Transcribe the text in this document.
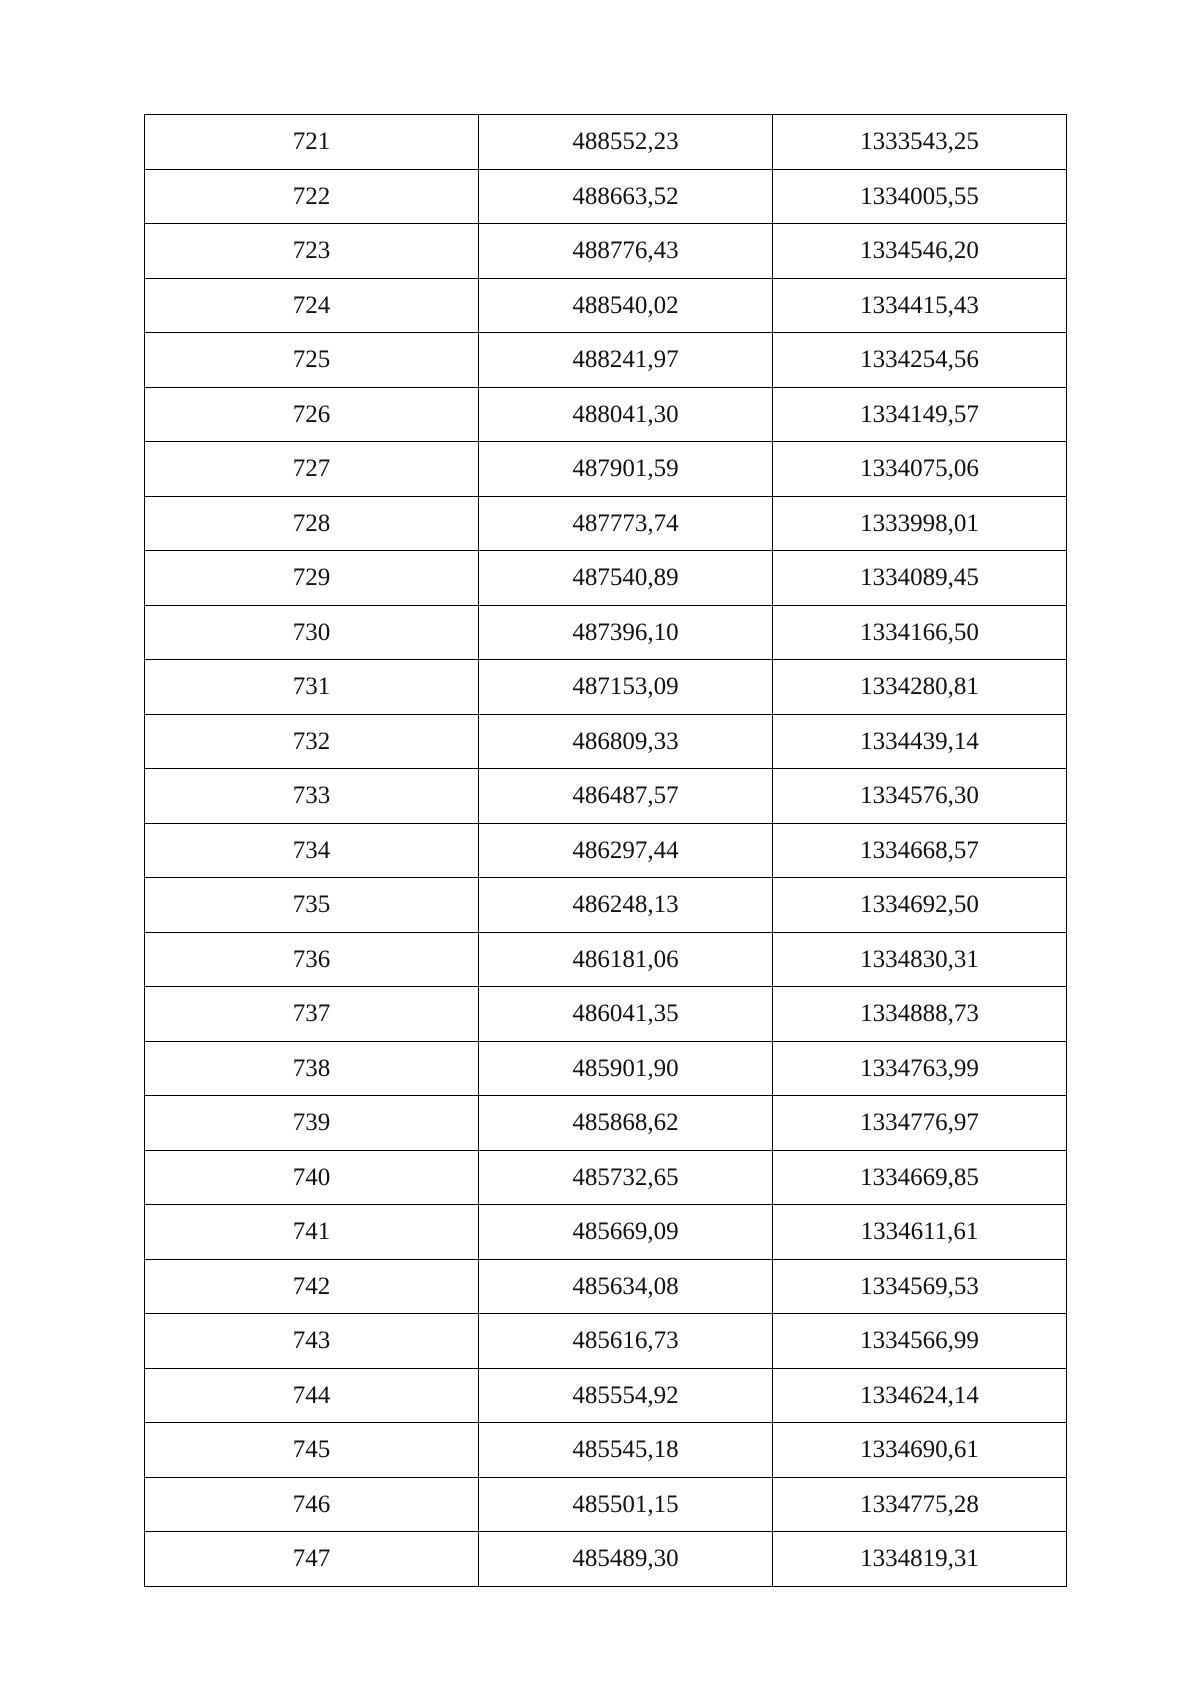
721	488552,23	1333543,25
722	488663,52	1334005,55
723	488776,43	1334546,20
724	488540,02	1334415,43
725	488241,97	1334254,56
726	488041,30	1334149,57
727	487901,59	1334075,06
728	487773,74	1333998,01
729	487540,89	1334089,45
730	487396,10	1334166,50
731	487153,09	1334280,81
732	486809,33	1334439,14
733	486487,57	1334576,30
734	486297,44	1334668,57
735	486248,13	1334692,50
736	486181,06	1334830,31
737	486041,35	1334888,73
738	485901,90	1334763,99
739	485868,62	1334776,97
740	485732,65	1334669,85
741	485669,09	1334611,61
742	485634,08	1334569,53
743	485616,73	1334566,99
744	485554,92	1334624,14
745	485545,18	1334690,61
746	485501,15	1334775,28
747	485489,30	1334819,31
